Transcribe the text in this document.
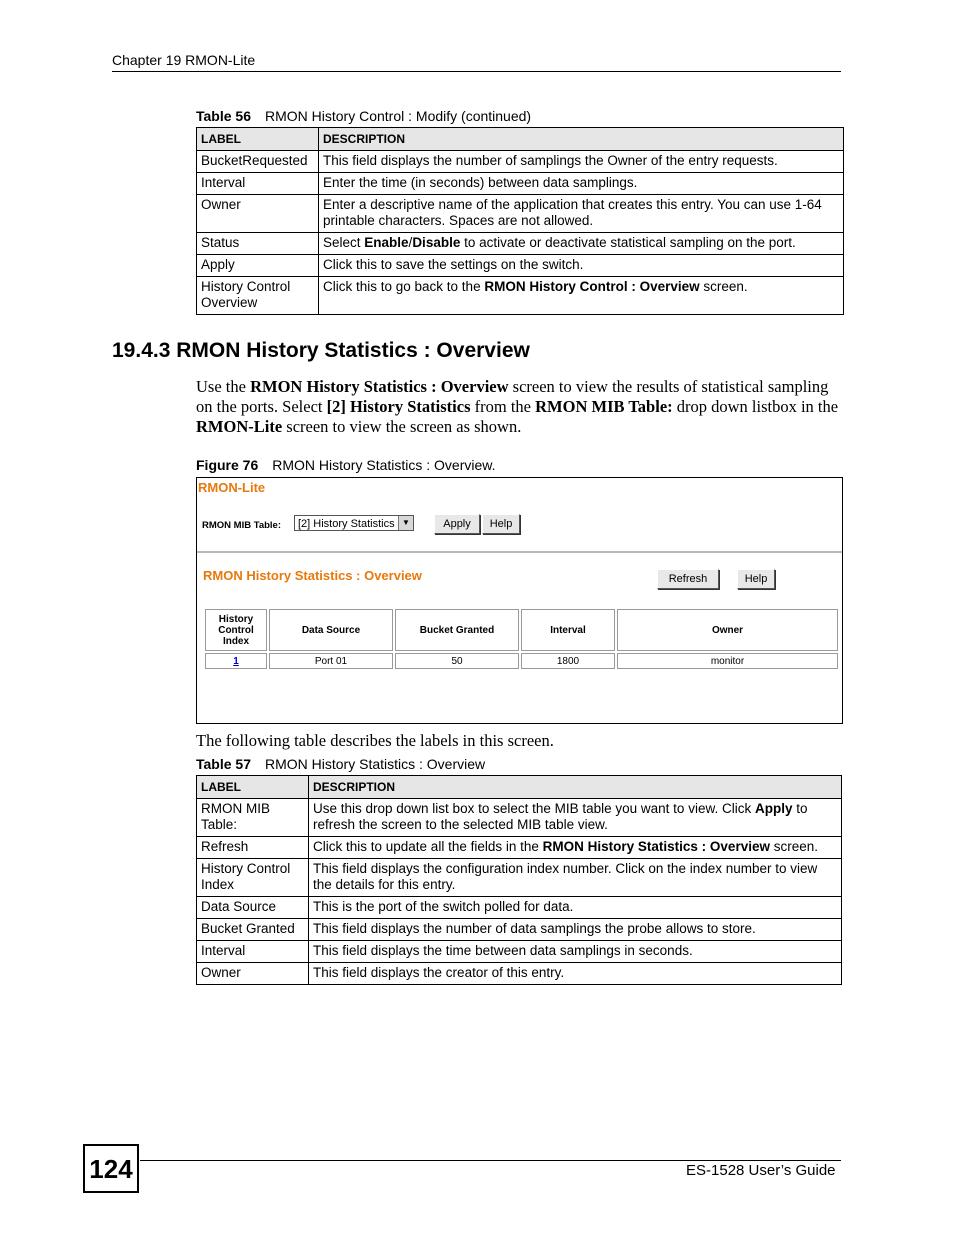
Chapter 19 RMON-Lite
Table 56 RMON History Control : Modify (continued)
LABEL	DESCRIPTION
BucketRequested	This field displays the number of samplings the Owner of the entry requests.
Interval	Enter the time (in seconds) between data samplings.
Owner	Enter a descriptive name of the application that creates this entry. You can use 1-64 printable characters. Spaces are not allowed.
Status	Select Enable/Disable to activate or deactivate statistical sampling on the port.
Apply	Click this to save the settings on the switch.
History Control Overview	Click this to go back to the RMON History Control : Overview screen.
19.4.3 RMON History Statistics : Overview
Use the RMON History Statistics : Overview screen to view the results of statistical sampling on the ports. Select [2] History Statistics from the RMON MIB Table: drop down listbox in the RMON-Lite screen to view the screen as shown.
Figure 76 RMON History Statistics : Overview.
RMON-Lite
RMON MIB Table:	[2] History Statistics ▼	Apply	Help
RMON History Statistics : Overview	Refresh	Help
History Control Index	Data Source	Bucket Granted	Interval	Owner
1	Port 01	50	1800	monitor
The following table describes the labels in this screen.
Table 57 RMON History Statistics : Overview
LABEL	DESCRIPTION
RMON MIB Table:	Use this drop down list box to select the MIB table you want to view. Click Apply to refresh the screen to the selected MIB table view.
Refresh	Click this to update all the fields in the RMON History Statistics : Overview screen.
History Control Index	This field displays the configuration index number. Click on the index number to view the details for this entry.
Data Source	This is the port of the switch polled for data.
Bucket Granted	This field displays the number of data samplings the probe allows to store.
Interval	This field displays the time between data samplings in seconds.
Owner	This field displays the creator of this entry.
124	ES-1528 User’s Guide
